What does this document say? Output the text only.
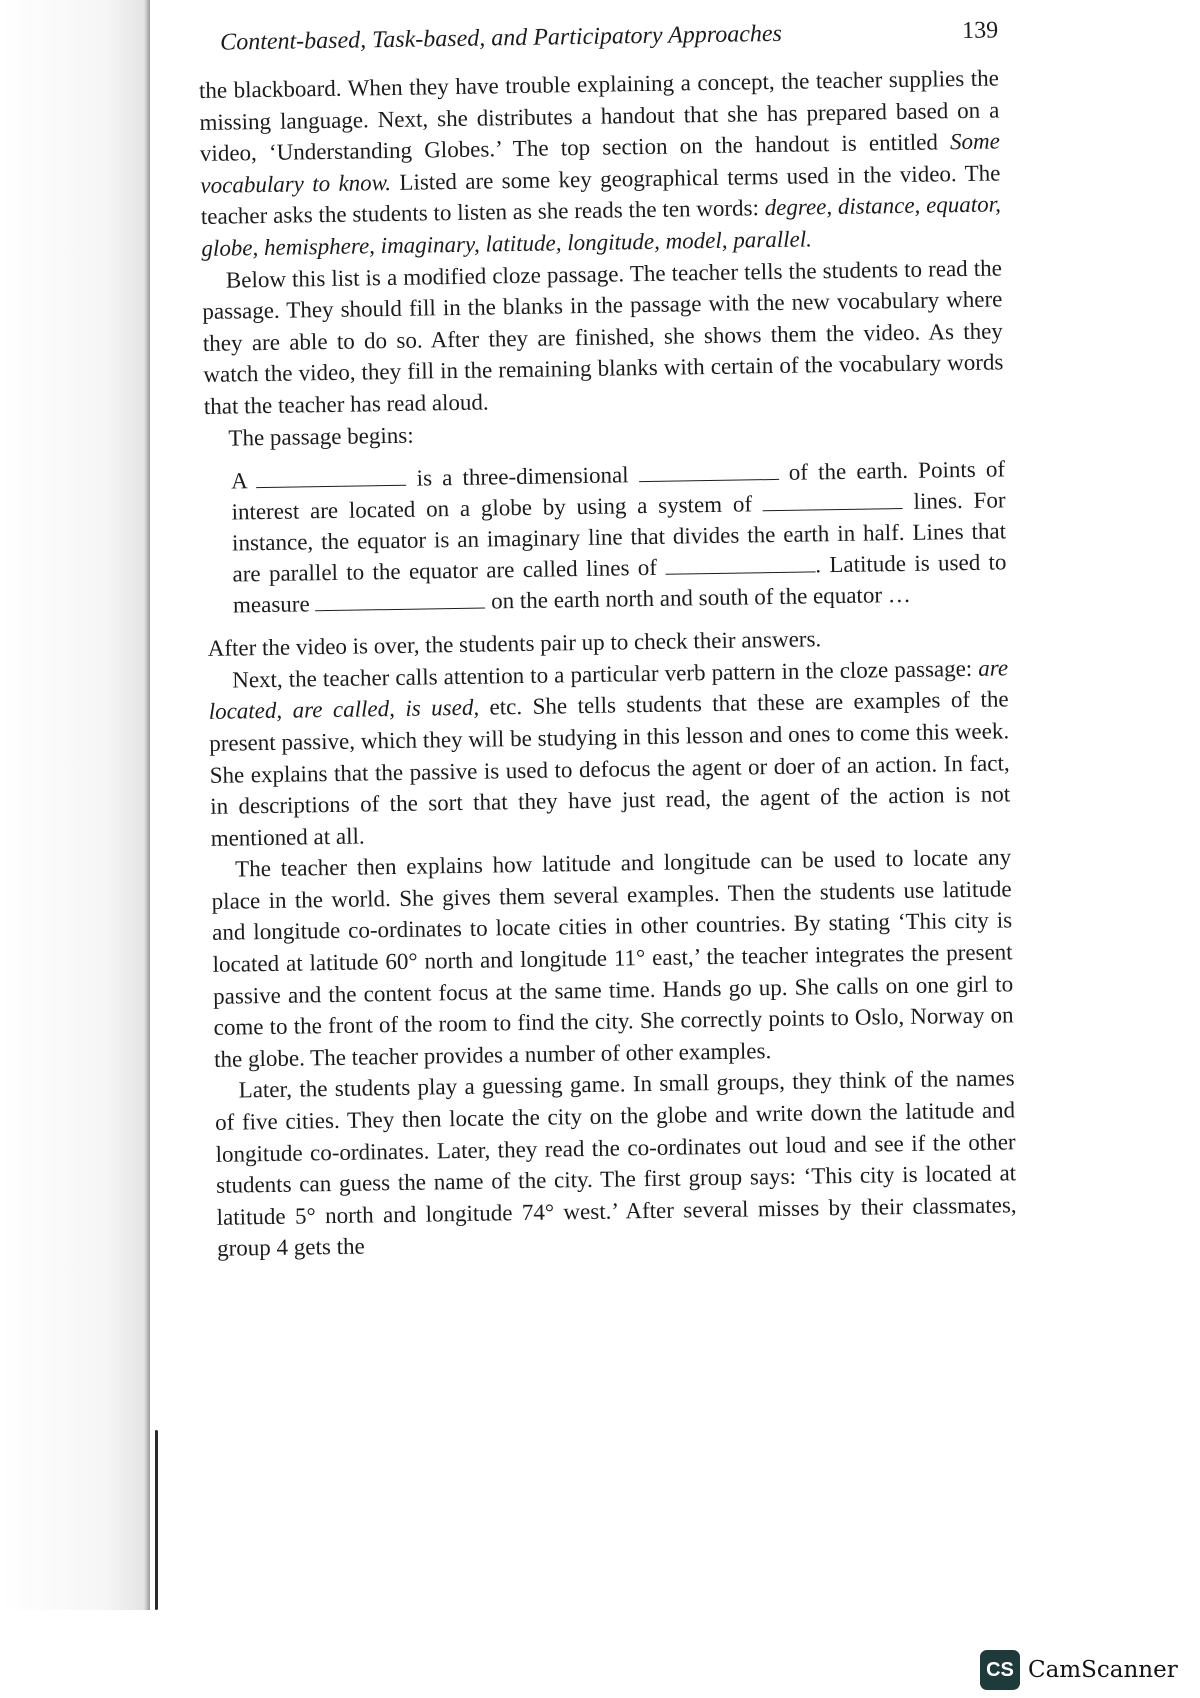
Content-based, Task-based, and Participatory Approaches	139

the blackboard. When they have trouble explaining a concept, the teacher supplies the missing language. Next, she distributes a handout that she has prepared based on a video, ‘Understanding Globes.’ The top section on the handout is entitled Some vocabulary to know. Listed are some key geographical terms used in the video. The teacher asks the students to listen as she reads the ten words: degree, distance, equator, globe, hemisphere, imaginary, latitude, longitude, model, parallel.

Below this list is a modified cloze passage. The teacher tells the students to read the passage. They should fill in the blanks in the passage with the new vocabulary where they are able to do so. After they are finished, she shows them the video. As they watch the video, they fill in the remaining blanks with certain of the vocabulary words that the teacher has read aloud.

The passage begins:

A	is a three-dimensional	of the earth. Points of interest are located on a globe by using a system of	lines. For instance, the equator is an imaginary line that divides the earth in half. Lines that are parallel to the equator are called lines of	. Latitude is used to measure	on the earth north and south of the equator …

After the video is over, the students pair up to check their answers.

Next, the teacher calls attention to a particular verb pattern in the cloze passage: are located, are called, is used, etc. She tells students that these are examples of the present passive, which they will be studying in this lesson and ones to come this week. She explains that the passive is used to defocus the agent or doer of an action. In fact, in descriptions of the sort that they have just read, the agent of the action is not mentioned at all.

The teacher then explains how latitude and longitude can be used to locate any place in the world. She gives them several examples. Then the students use latitude and longitude co-ordinates to locate cities in other countries. By stating ‘This city is located at latitude 60° north and longitude 11° east,’ the teacher integrates the present passive and the content focus at the same time. Hands go up. She calls on one girl to come to the front of the room to find the city. She correctly points to Oslo, Norway on the globe. The teacher provides a number of other examples.

Later, the students play a guessing game. In small groups, they think of the names of five cities. They then locate the city on the globe and write down the latitude and longitude co-ordinates. Later, they read the co-ordinates out loud and see if the other students can guess the name of the city. The first group says: ‘This city is located at latitude 5° north and longitude 74° west.’ After several misses by their classmates, group 4 gets the

CS CamScanner
